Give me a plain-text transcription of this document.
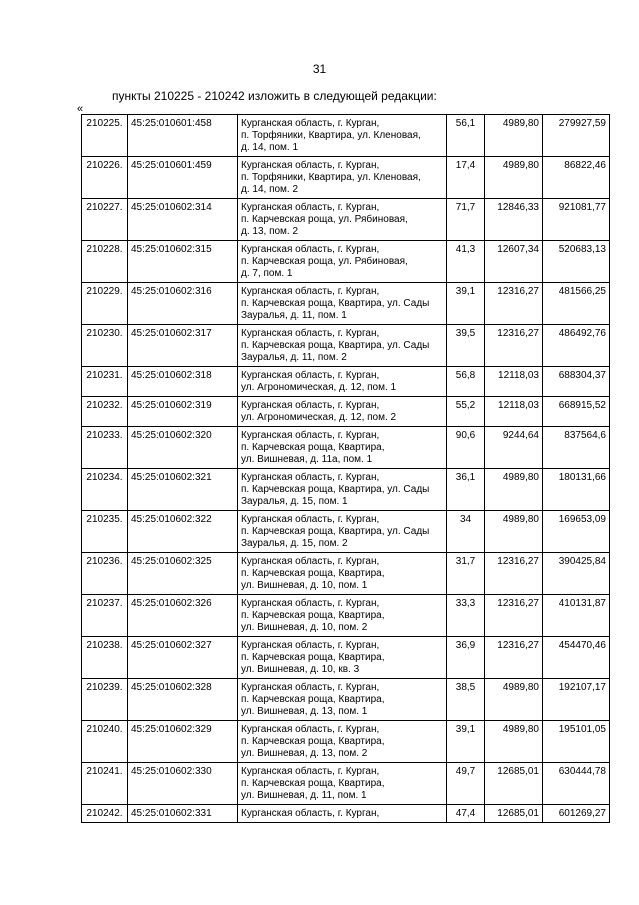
31
пункты 210225 - 210242 изложить в следующей редакции:
«
210225.	45:25:010601:458	Курганская область, г. Курган,
п. Торфяники, Квартира, ул. Кленовая,
д. 14, пом. 1	56,1	4989,80	279927,59
210226.	45:25:010601:459	Курганская область, г. Курган,
п. Торфяники, Квартира, ул. Кленовая,
д. 14, пом. 2	17,4	4989,80	86822,46
210227.	45:25:010602:314	Курганская область, г. Курган,
п. Карчевская роща, ул. Рябиновая,
д. 13, пом. 2	71,7	12846,33	921081,77
210228.	45:25:010602:315	Курганская область, г. Курган,
п. Карчевская роща, ул. Рябиновая,
д. 7, пом. 1	41,3	12607,34	520683,13
210229.	45:25:010602:316	Курганская область, г. Курган,
п. Карчевская роща, Квартира, ул. Сады
Зауралья, д. 11, пом. 1	39,1	12316,27	481566,25
210230.	45:25:010602:317	Курганская область, г. Курган,
п. Карчевская роща, Квартира, ул. Сады
Зауралья, д. 11, пом. 2	39,5	12316,27	486492,76
210231.	45:25:010602:318	Курганская область, г. Курган,
ул. Агрономическая, д. 12, пом. 1	56,8	12118,03	688304,37
210232.	45:25:010602:319	Курганская область, г. Курган,
ул. Агрономическая, д. 12, пом. 2	55,2	12118,03	668915,52
210233.	45:25:010602:320	Курганская область, г. Курган,
п. Карчевская роща, Квартира,
ул. Вишневая, д. 11а, пом. 1	90,6	9244,64	837564,6
210234.	45:25:010602:321	Курганская область, г. Курган,
п. Карчевская роща, Квартира, ул. Сады
Зауралья, д. 15, пом. 1	36,1	4989,80	180131,66
210235.	45:25:010602:322	Курганская область, г. Курган,
п. Карчевская роща, Квартира, ул. Сады
Зауралья, д. 15, пом. 2	34	4989,80	169653,09
210236.	45:25:010602:325	Курганская область, г. Курган,
п. Карчевская роща, Квартира,
ул. Вишневая, д. 10, пом. 1	31,7	12316,27	390425,84
210237.	45:25:010602:326	Курганская область, г. Курган,
п. Карчевская роща, Квартира,
ул. Вишневая, д. 10, пом. 2	33,3	12316,27	410131,87
210238.	45:25:010602:327	Курганская область, г. Курган,
п. Карчевская роща, Квартира,
ул. Вишневая, д. 10, кв. 3	36,9	12316,27	454470,46
210239.	45:25:010602:328	Курганская область, г. Курган,
п. Карчевская роща, Квартира,
ул. Вишневая, д. 13, пом. 1	38,5	4989,80	192107,17
210240.	45:25:010602:329	Курганская область, г. Курган,
п. Карчевская роща, Квартира,
ул. Вишневая, д. 13, пом. 2	39,1	4989,80	195101,05
210241.	45:25:010602:330	Курганская область, г. Курган,
п. Карчевская роща, Квартира,
ул. Вишневая, д. 11, пом. 1	49,7	12685,01	630444,78
210242.	45:25:010602:331	Курганская область, г. Курган,	47,4	12685,01	601269,27
